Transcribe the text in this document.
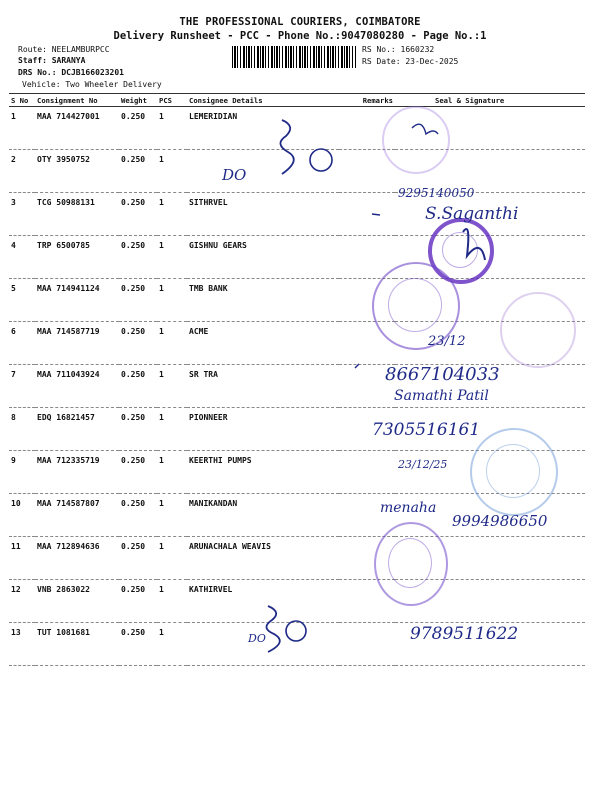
THE PROFESSIONAL COURIERS, COIMBATORE
Delivery Runsheet - PCC - Phone No.:9047080280 - Page No.:1
Route: NEELAMBURPCC
Staff: SARANYA
DRS No.: DCJB166023201
Vehicle: Two Wheeler Delivery
RS No.: 1660232
RS Date: 23-Dec-2025
S No	Consignment No	Weight	PCS	Consignee Details	Remarks	Seal & Signature
1	MAA 714427001	0.250	1	LEMERIDIAN		
2	OTY 3950752	0.250	1			
3	TCG 50988131	0.250	1	SITHRVEL		
4	TRP 6500785	0.250	1	GISHNU GEARS		
5	MAA 714941124	0.250	1	TMB BANK		
6	MAA 714587719	0.250	1	ACME		
7	MAA 711043924	0.250	1	SR TRA		
8	EDQ 16821457	0.250	1	PIONNEER		
9	MAA 712335719	0.250	1	KEERTHI PUMPS		
10	MAA 714587807	0.250	1	MANIKANDAN		
11	MAA 712894636	0.250	1	ARUNACHALA WEAVIS		
12	VNB 2863022	0.250	1	KATHIRVEL		
13	TUT 1081681	0.250	1			
DO
9295140050
S.Saganthi
23/12
8667104033
Samathi Patil
7305516161
23/12/25
menaha
9994986650
DO	9789511622
